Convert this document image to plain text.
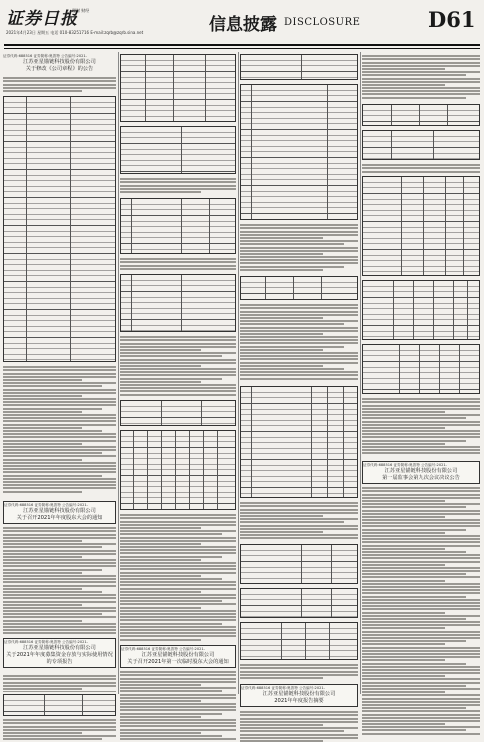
证券日报
理财 财经
2021年4月23日 星期五 电话 010-83251716 E-mail:zqrb@zqrb.sina.net	信息披露 DISCLOSURE	D61
证券代码:688516 证券简称:奥普特 公告编号:2021-
江苏亚星锚链科技股份有限公司
关于修改《公司章程》的公告
证券代码:688516 证券简称:奥普特 公告编号:2021-
江苏亚星锚链科技股份有限公司
关于召开2021年年度股东大会的通知
证券代码:688516 证券简称:奥普特 公告编号:2021-
江苏亚星锚链科技股份有限公司
关于2021年年度募集资金存放与实际使用情况的专项报告
证券代码:688516 证券简称:奥普特 公告编号:2021-
江苏亚星锚链科技股份有限公司
关于召开2021年第一次临时股东大会的通知
证券代码:688516 证券简称:奥普特 公告编号:2021-
江苏亚星锚链科技股份有限公司
2021年年度报告摘要
证券代码:688516 证券简称:奥普特 公告编号:2021-
江苏亚星锚链科技股份有限公司
第一届监事会第九次会议决议公告
